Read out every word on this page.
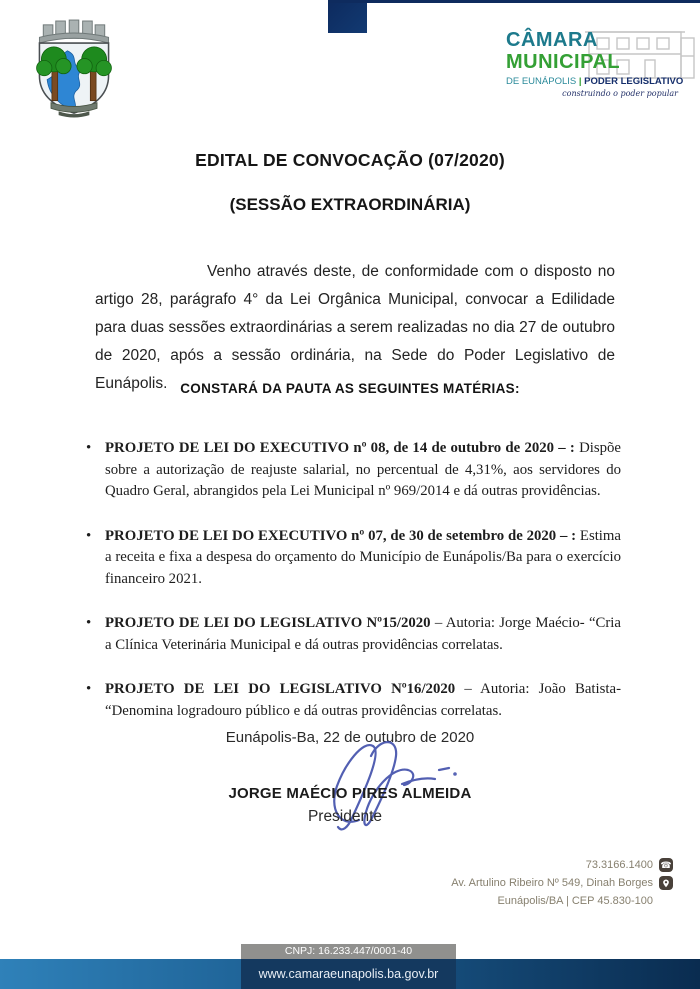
CÂMARA
MUNICIPAL
DE EUNÁPOLIS | PODER LEGISLATIVO
construindo o poder popular
EDITAL DE CONVOCAÇÃO (07/2020)
(SESSÃO EXTRAORDINÁRIA)

Venho através deste, de conformidade com o disposto no artigo 28, parágrafo 4° da Lei Orgânica Municipal, convocar a Edilidade para duas sessões extraordinárias a serem realizadas no dia 27 de outubro de 2020, após a sessão ordinária, na Sede do Poder Legislativo de Eunápolis. CONSTARÁ DA PAUTA AS SEGUINTES MATÉRIAS:
• PROJETO DE LEI DO EXECUTIVO nº 08, de 14 de outubro de 2020 – : Dispõe sobre a autorização de reajuste salarial, no percentual de 4,31%, aos servidores do Quadro Geral, abrangidos pela Lei Municipal nº 969/2014 e dá outras providências.
• PROJETO DE LEI DO EXECUTIVO nº 07, de 30 de setembro de 2020 – : Estima a receita e fixa a despesa do orçamento do Município de Eunápolis/Ba para o exercício financeiro 2021.
• PROJETO DE LEI DO LEGISLATIVO Nº15/2020 – Autoria: Jorge Maécio- “Cria a Clínica Veterinária Municipal e dá outras providências correlatas.
• PROJETO DE LEI DO LEGISLATIVO Nº16/2020 – Autoria: João Batista- “Denomina logradouro público e dá outras providências correlatas.
Eunápolis-Ba, 22 de outubro de 2020
JORGE MAÉCIO PIRES ALMEIDA
Presidente
73.3166.1400 ☎
Av. Artulino Ribeiro Nº 549, Dinah Borges
Eunápolis/BA | CEP 45.830-100
CNPJ: 16.233.447/0001-40
www.camaraeunapolis.ba.gov.br
